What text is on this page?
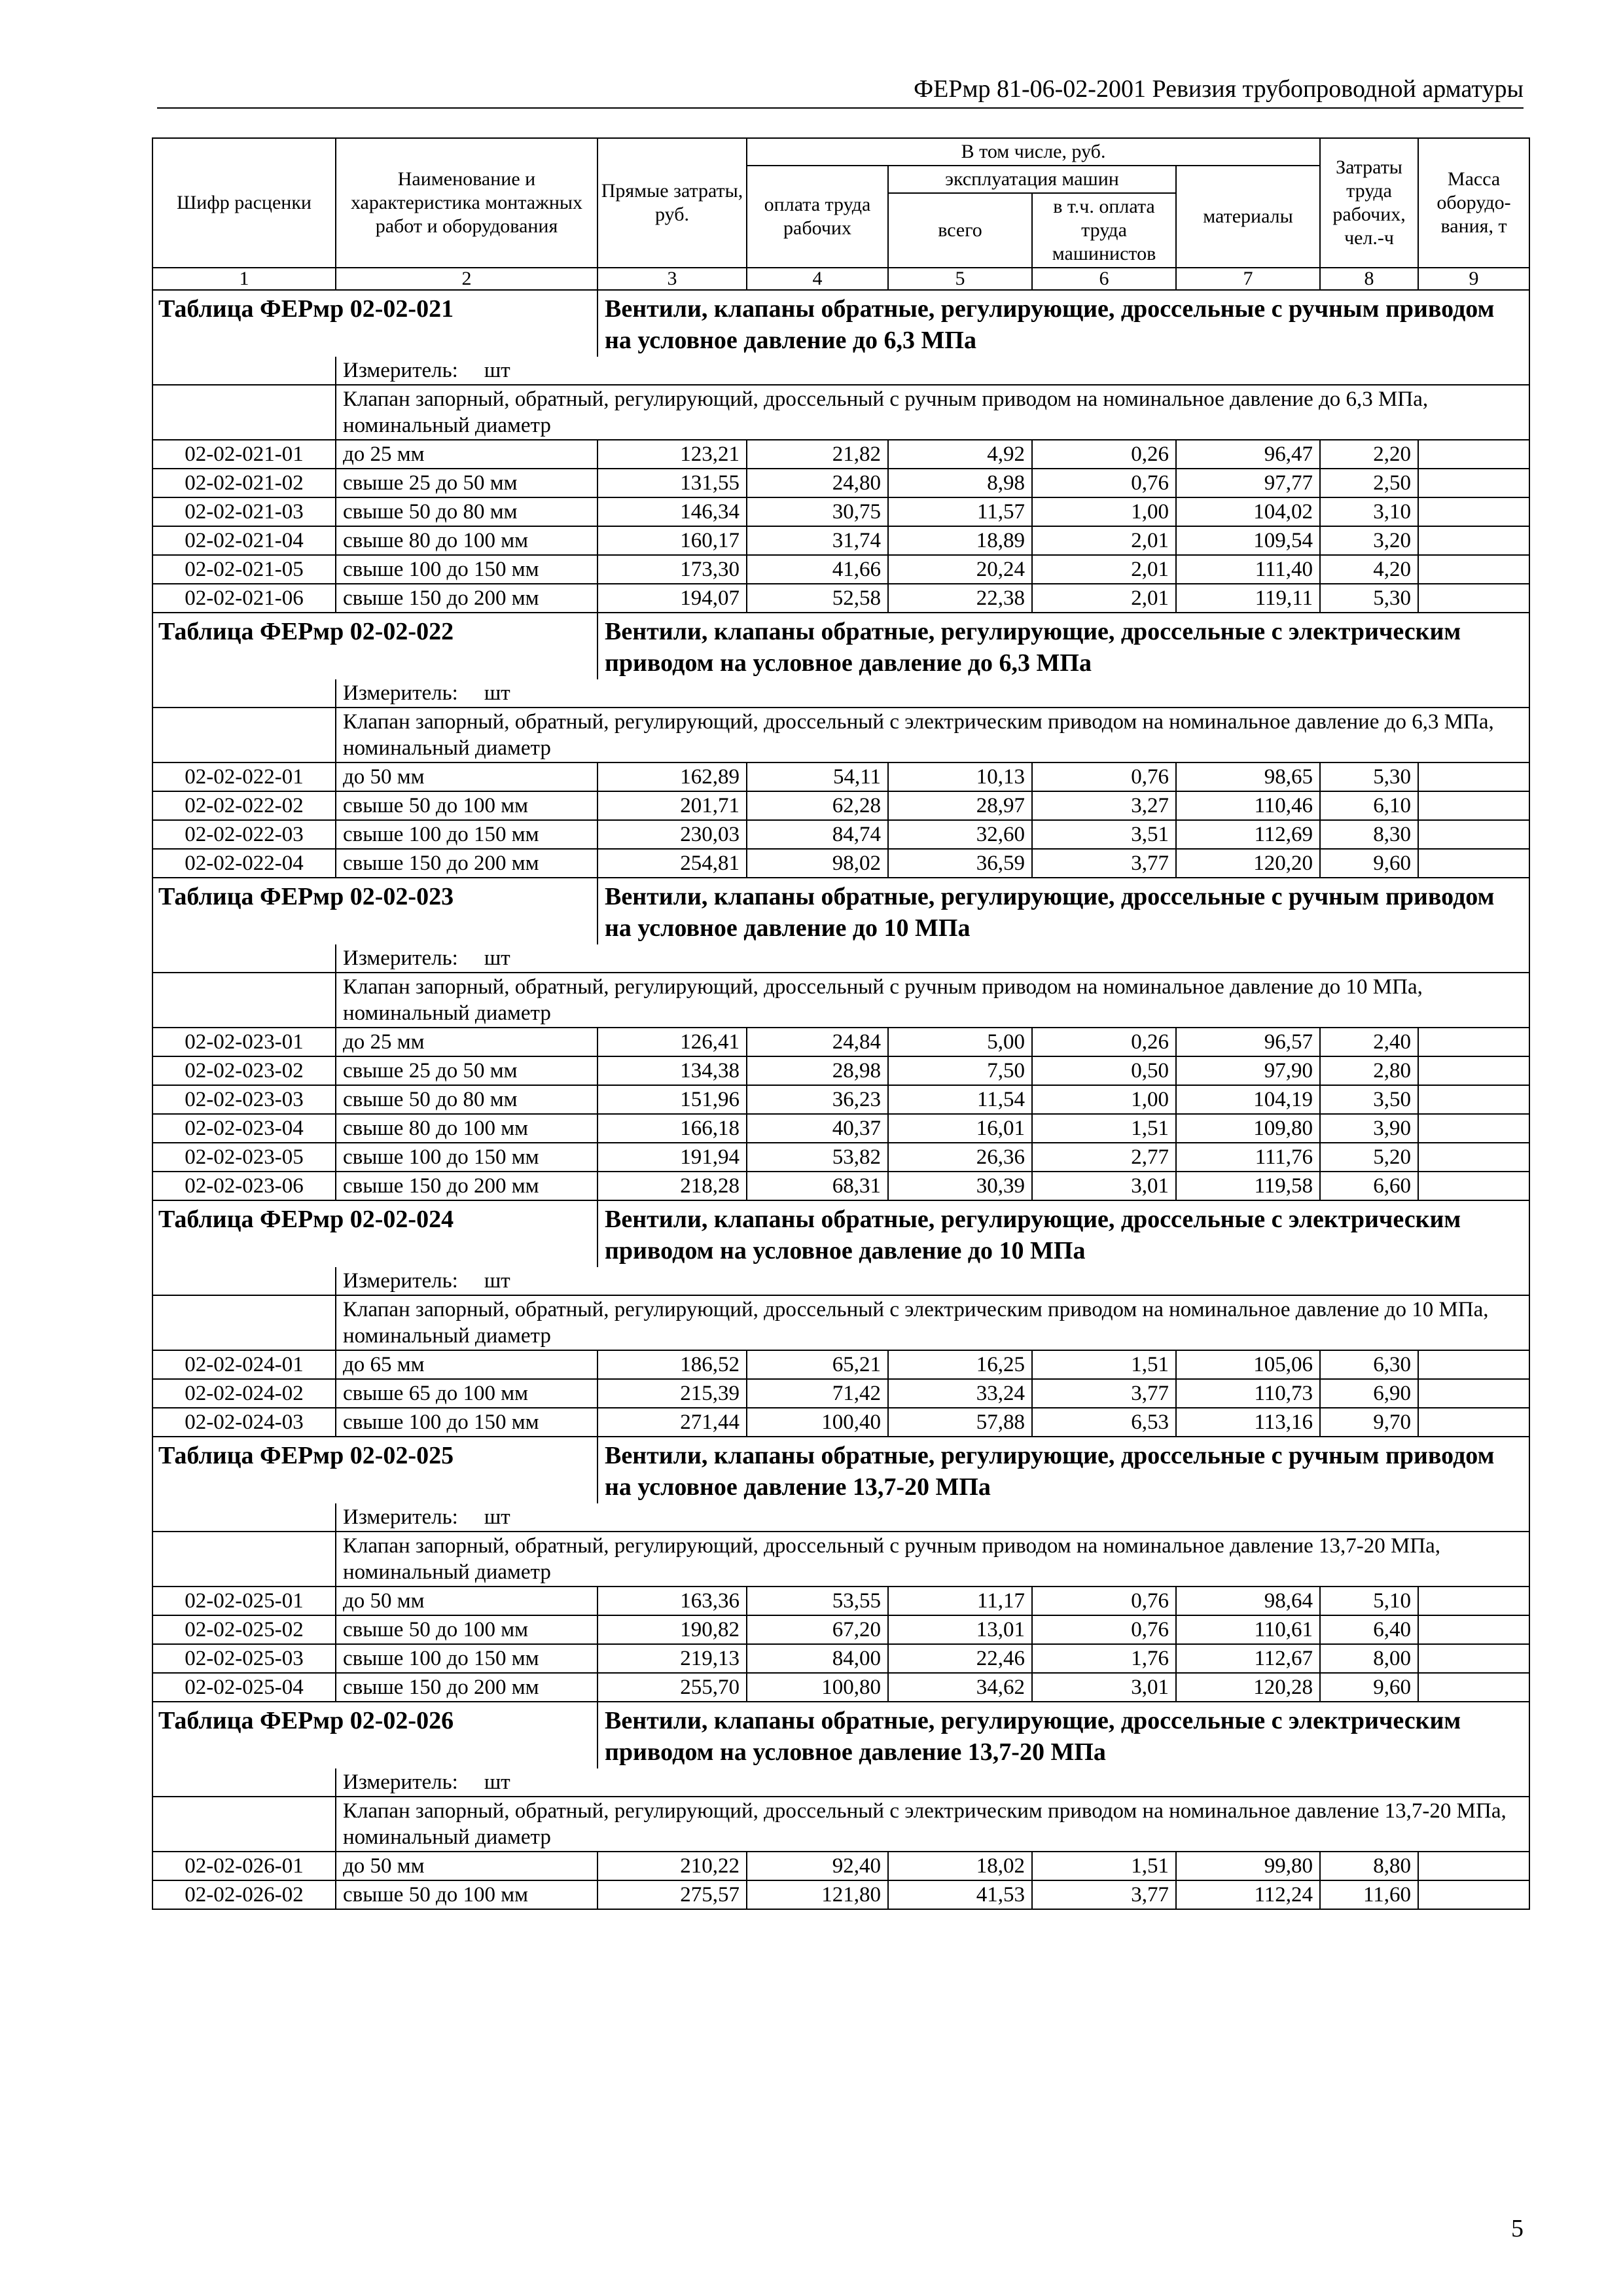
ФЕРмр 81-06-02-2001 Ревизия трубопроводной арматуры
Шифр расценки	Наименование и характеристика монтажных работ и оборудования	Прямые затраты, руб.	В том числе, руб.				Затраты труда рабочих, чел.-ч	Масса оборудо- вания, т
			оплата труда рабочих	эксплуатация машин		материалы		
				всего	в т.ч. оплата труда машинистов			
1	2	3	4	5	6	7	8	9
Таблица ФЕРмр 02-02-021		Вентили, клапаны обратные, регулирующие, дроссельные с ручным приводом на условное давление до 6,3 МПа						
	Измеритель: шт							
	Клапан запорный, обратный, регулирующий, дроссельный с ручным приводом на номинальное давление до 6,3 МПа, номинальный диаметр							
02-02-021-01	до 25 мм	123,21	21,82	4,92	0,26	96,47	2,20	
02-02-021-02	свыше 25 до 50 мм	131,55	24,80	8,98	0,76	97,77	2,50	
02-02-021-03	свыше 50 до 80 мм	146,34	30,75	11,57	1,00	104,02	3,10	
02-02-021-04	свыше 80 до 100 мм	160,17	31,74	18,89	2,01	109,54	3,20	
02-02-021-05	свыше 100 до 150 мм	173,30	41,66	20,24	2,01	111,40	4,20	
02-02-021-06	свыше 150 до 200 мм	194,07	52,58	22,38	2,01	119,11	5,30	
Таблица ФЕРмр 02-02-022		Вентили, клапаны обратные, регулирующие, дроссельные с электрическим приводом на условное давление до 6,3 МПа						
	Измеритель: шт							
	Клапан запорный, обратный, регулирующий, дроссельный с электрическим приводом на номинальное давление до 6,3 МПа, номинальный диаметр							
02-02-022-01	до 50 мм	162,89	54,11	10,13	0,76	98,65	5,30	
02-02-022-02	свыше 50 до 100 мм	201,71	62,28	28,97	3,27	110,46	6,10	
02-02-022-03	свыше 100 до 150 мм	230,03	84,74	32,60	3,51	112,69	8,30	
02-02-022-04	свыше 150 до 200 мм	254,81	98,02	36,59	3,77	120,20	9,60	
Таблица ФЕРмр 02-02-023		Вентили, клапаны обратные, регулирующие, дроссельные с ручным приводом на условное давление до 10 МПа						
	Измеритель: шт							
	Клапан запорный, обратный, регулирующий, дроссельный с ручным приводом на номинальное давление до 10 МПа, номинальный диаметр							
02-02-023-01	до 25 мм	126,41	24,84	5,00	0,26	96,57	2,40	
02-02-023-02	свыше 25 до 50 мм	134,38	28,98	7,50	0,50	97,90	2,80	
02-02-023-03	свыше 50 до 80 мм	151,96	36,23	11,54	1,00	104,19	3,50	
02-02-023-04	свыше 80 до 100 мм	166,18	40,37	16,01	1,51	109,80	3,90	
02-02-023-05	свыше 100 до 150 мм	191,94	53,82	26,36	2,77	111,76	5,20	
02-02-023-06	свыше 150 до 200 мм	218,28	68,31	30,39	3,01	119,58	6,60	
Таблица ФЕРмр 02-02-024		Вентили, клапаны обратные, регулирующие, дроссельные с электрическим приводом на условное давление до 10 МПа						
	Измеритель: шт							
	Клапан запорный, обратный, регулирующий, дроссельный с электрическим приводом на номинальное давление до 10 МПа, номинальный диаметр							
02-02-024-01	до 65 мм	186,52	65,21	16,25	1,51	105,06	6,30	
02-02-024-02	свыше 65 до 100 мм	215,39	71,42	33,24	3,77	110,73	6,90	
02-02-024-03	свыше 100 до 150 мм	271,44	100,40	57,88	6,53	113,16	9,70	
Таблица ФЕРмр 02-02-025		Вентили, клапаны обратные, регулирующие, дроссельные с ручным приводом на условное давление 13,7-20 МПа						
	Измеритель: шт							
	Клапан запорный, обратный, регулирующий, дроссельный с ручным приводом на номинальное давление 13,7-20 МПа, номинальный диаметр							
02-02-025-01	до 50 мм	163,36	53,55	11,17	0,76	98,64	5,10	
02-02-025-02	свыше 50 до 100 мм	190,82	67,20	13,01	0,76	110,61	6,40	
02-02-025-03	свыше 100 до 150 мм	219,13	84,00	22,46	1,76	112,67	8,00	
02-02-025-04	свыше 150 до 200 мм	255,70	100,80	34,62	3,01	120,28	9,60	
Таблица ФЕРмр 02-02-026		Вентили, клапаны обратные, регулирующие, дроссельные с электрическим приводом на условное давление 13,7-20 МПа						
	Измеритель: шт							
	Клапан запорный, обратный, регулирующий, дроссельный с электрическим приводом на номинальное давление 13,7-20 МПа, номинальный диаметр							
02-02-026-01	до 50 мм	210,22	92,40	18,02	1,51	99,80	8,80	
02-02-026-02	свыше 50 до 100 мм	275,57	121,80	41,53	3,77	112,24	11,60	
5
